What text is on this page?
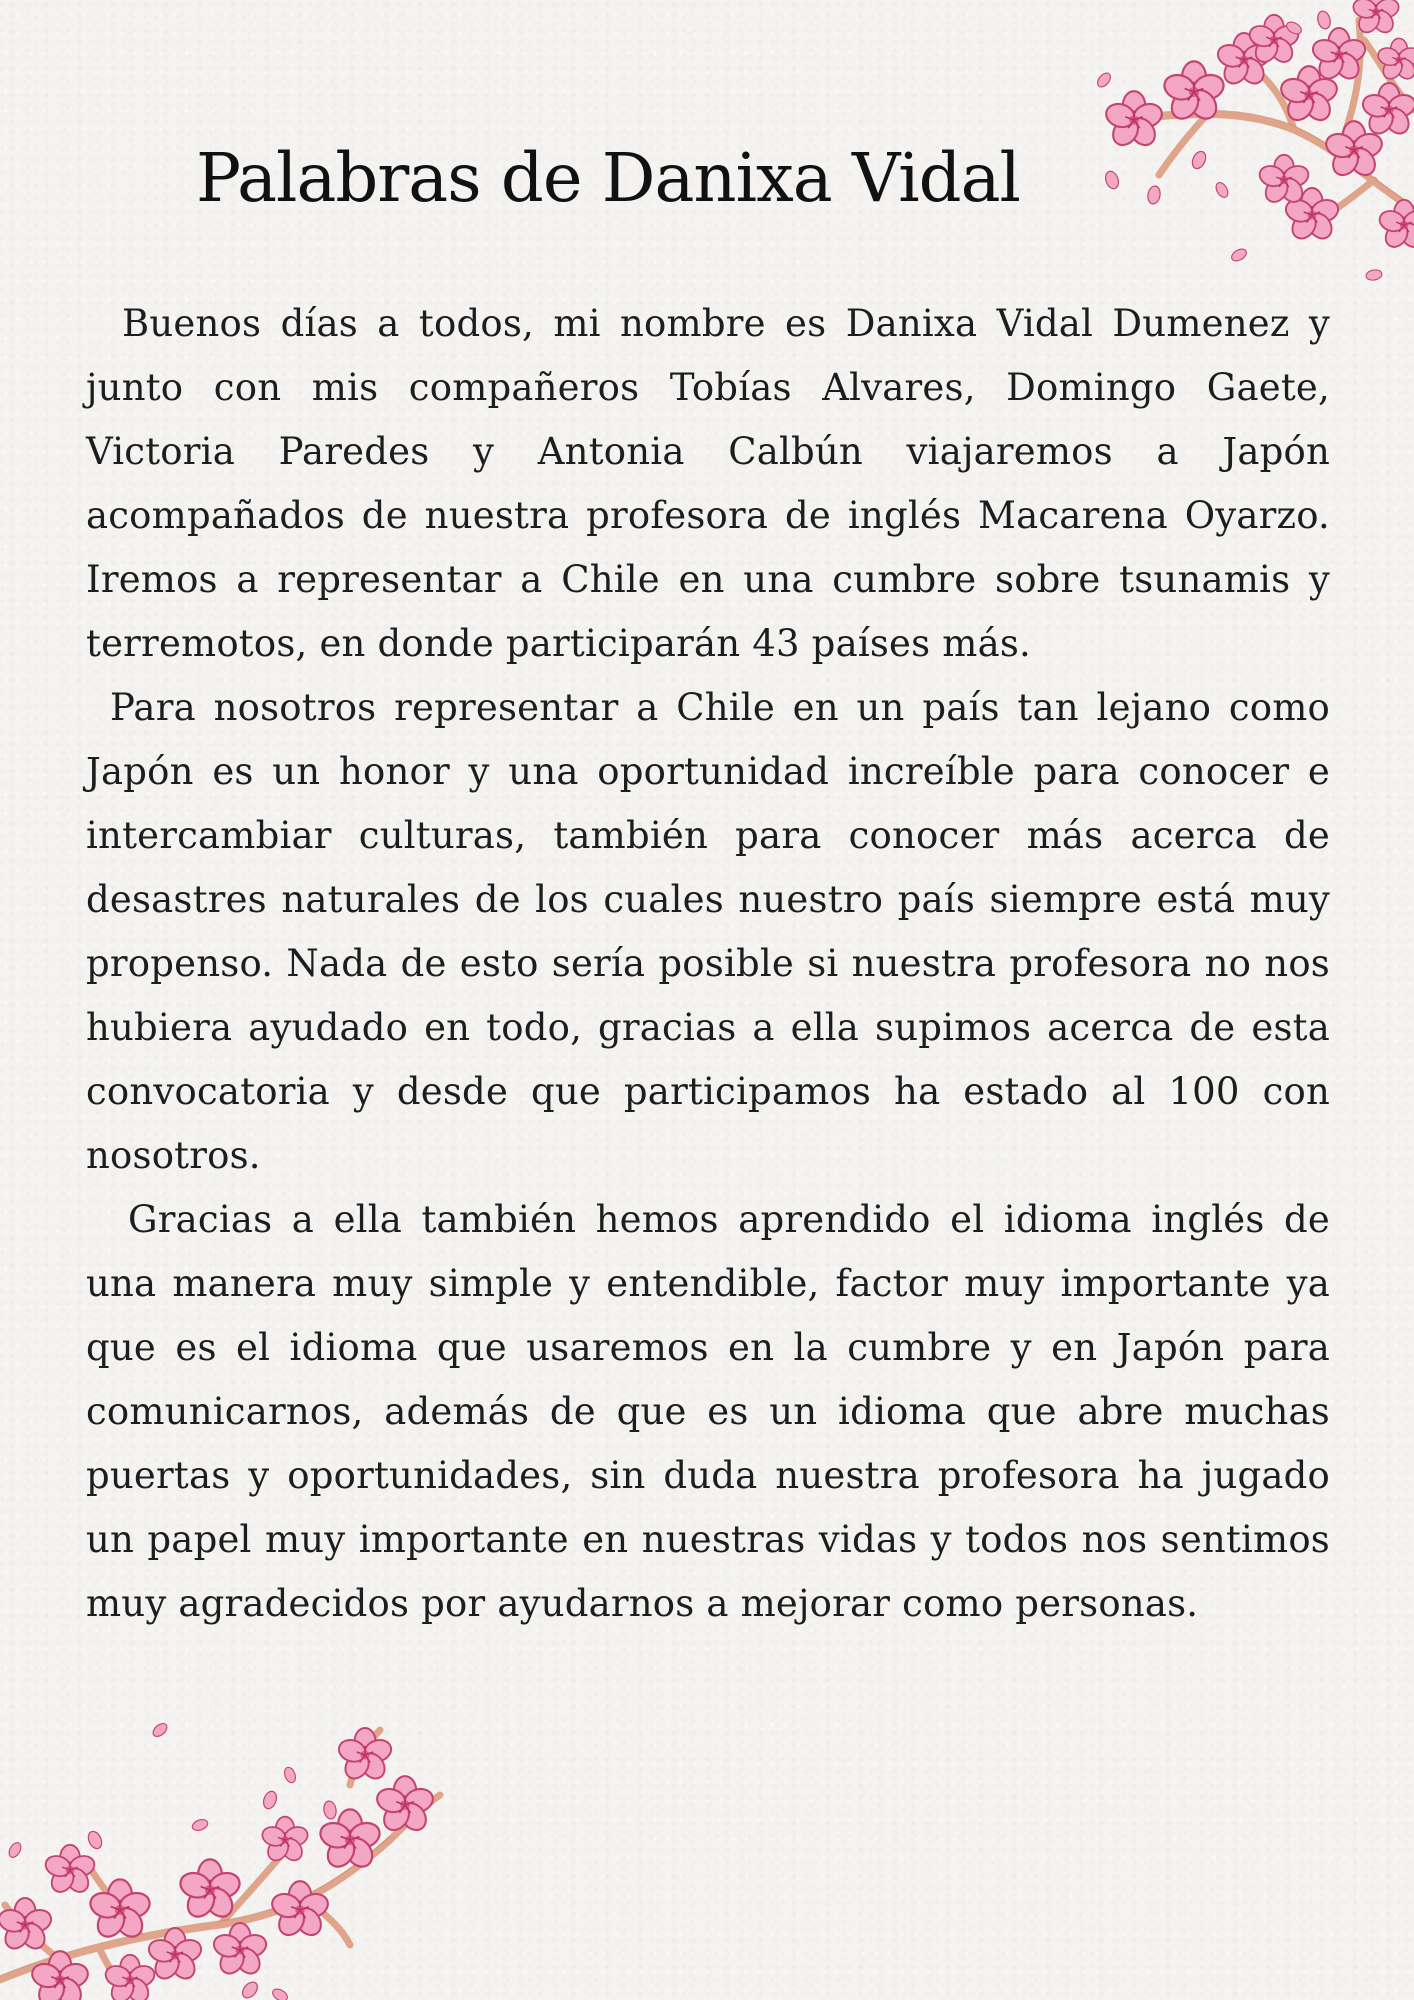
Palabras de Danixa Vidal

Buenos días a todos, mi nombre es Danixa Vidal Dumenez y junto con mis compañeros Tobías Alvares, Domingo Gaete, Victoria Paredes y Antonia Calbún viajaremos a Japón acompañados de nuestra profesora de inglés Macarena Oyarzo. Iremos a representar a Chile en una cumbre sobre tsunamis y terremotos, en donde participarán 43 países más.

Para nosotros representar a Chile en un país tan lejano como Japón es un honor y una oportunidad increíble para conocer e intercambiar culturas, también para conocer más acerca de desastres naturales de los cuales nuestro país siempre está muy propenso. Nada de esto sería posible si nuestra profesora no nos hubiera ayudado en todo, gracias a ella supimos acerca de esta convocatoria y desde que participamos ha estado al 100 con nosotros.

Gracias a ella también hemos aprendido el idioma inglés de una manera muy simple y entendible, factor muy importante ya que es el idioma que usaremos en la cumbre y en Japón para comunicarnos, además de que es un idioma que abre muchas puertas y oportunidades, sin duda nuestra profesora ha jugado un papel muy importante en nuestras vidas y todos nos sentimos muy agradecidos por ayudarnos a mejorar como personas.
